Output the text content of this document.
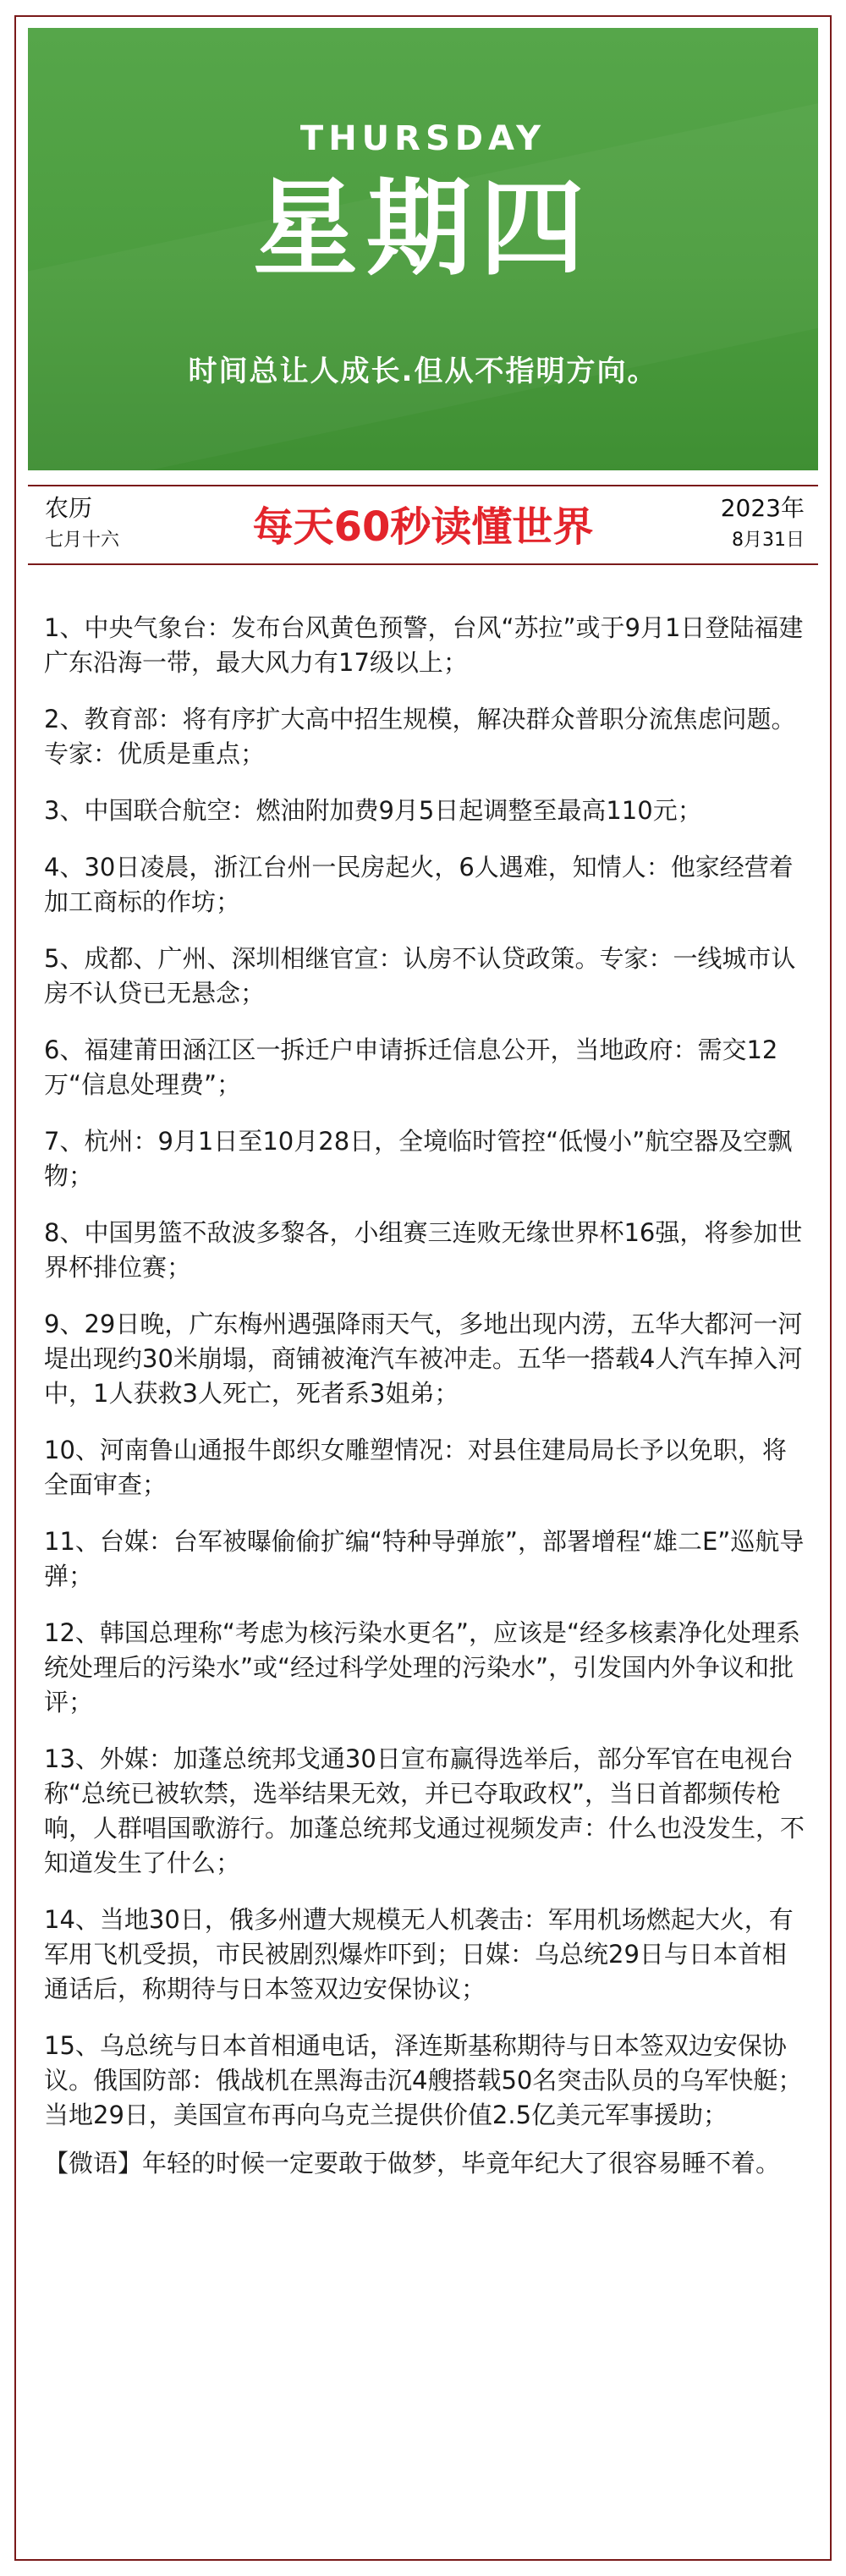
THURSDAY
星期四
时间总让人成长.但从不指明方向。
农历
七月十六	每天60秒读懂世界	2023年
8月31日
1、中央气象台：发布台风黄色预警，台风“苏拉”或于9月1日登陆福建广东沿海一带，最大风力有17级以上；
2、教育部：将有序扩大高中招生规模，解决群众普职分流焦虑问题。专家：优质是重点；
3、中国联合航空：燃油附加费9月5日起调整至最高110元；
4、30日凌晨，浙江台州一民房起火，6人遇难，知情人：他家经营着加工商标的作坊；
5、成都、广州、深圳相继官宣：认房不认贷政策。专家：一线城市认房不认贷已无悬念；
6、福建莆田涵江区一拆迁户申请拆迁信息公开，当地政府：需交12万“信息处理费”；
7、杭州：9月1日至10月28日，全境临时管控“低慢小”航空器及空飘物；
8、中国男篮不敌波多黎各，小组赛三连败无缘世界杯16强，将参加世界杯排位赛；
9、29日晚，广东梅州遇强降雨天气，多地出现内涝，五华大都河一河堤出现约30米崩塌，商铺被淹汽车被冲走。五华一搭载4人汽车掉入河中，1人获救3人死亡，死者系3姐弟；
10、河南鲁山通报牛郎织女雕塑情况：对县住建局局长予以免职，将全面审查；
11、台媒：台军被曝偷偷扩编“特种导弹旅”，部署增程“雄二E”巡航导弹；
12、韩国总理称“考虑为核污染水更名”，应该是“经多核素净化处理系统处理后的污染水”或“经过科学处理的污染水”，引发国内外争议和批评；
13、外媒：加蓬总统邦戈通30日宣布赢得选举后，部分军官在电视台称“总统已被软禁，选举结果无效，并已夺取政权”，当日首都频传枪响，人群唱国歌游行。加蓬总统邦戈通过视频发声：什么也没发生，不知道发生了什么；
14、当地30日，俄多州遭大规模无人机袭击：军用机场燃起大火，有军用飞机受损，市民被剧烈爆炸吓到；日媒：乌总统29日与日本首相通话后，称期待与日本签双边安保协议；
15、乌总统与日本首相通电话，泽连斯基称期待与日本签双边安保协议。俄国防部：俄战机在黑海击沉4艘搭载50名突击队员的乌军快艇；当地29日，美国宣布再向乌克兰提供价值2.5亿美元军事援助；
【微语】年轻的时候一定要敢于做梦，毕竟年纪大了很容易睡不着。
